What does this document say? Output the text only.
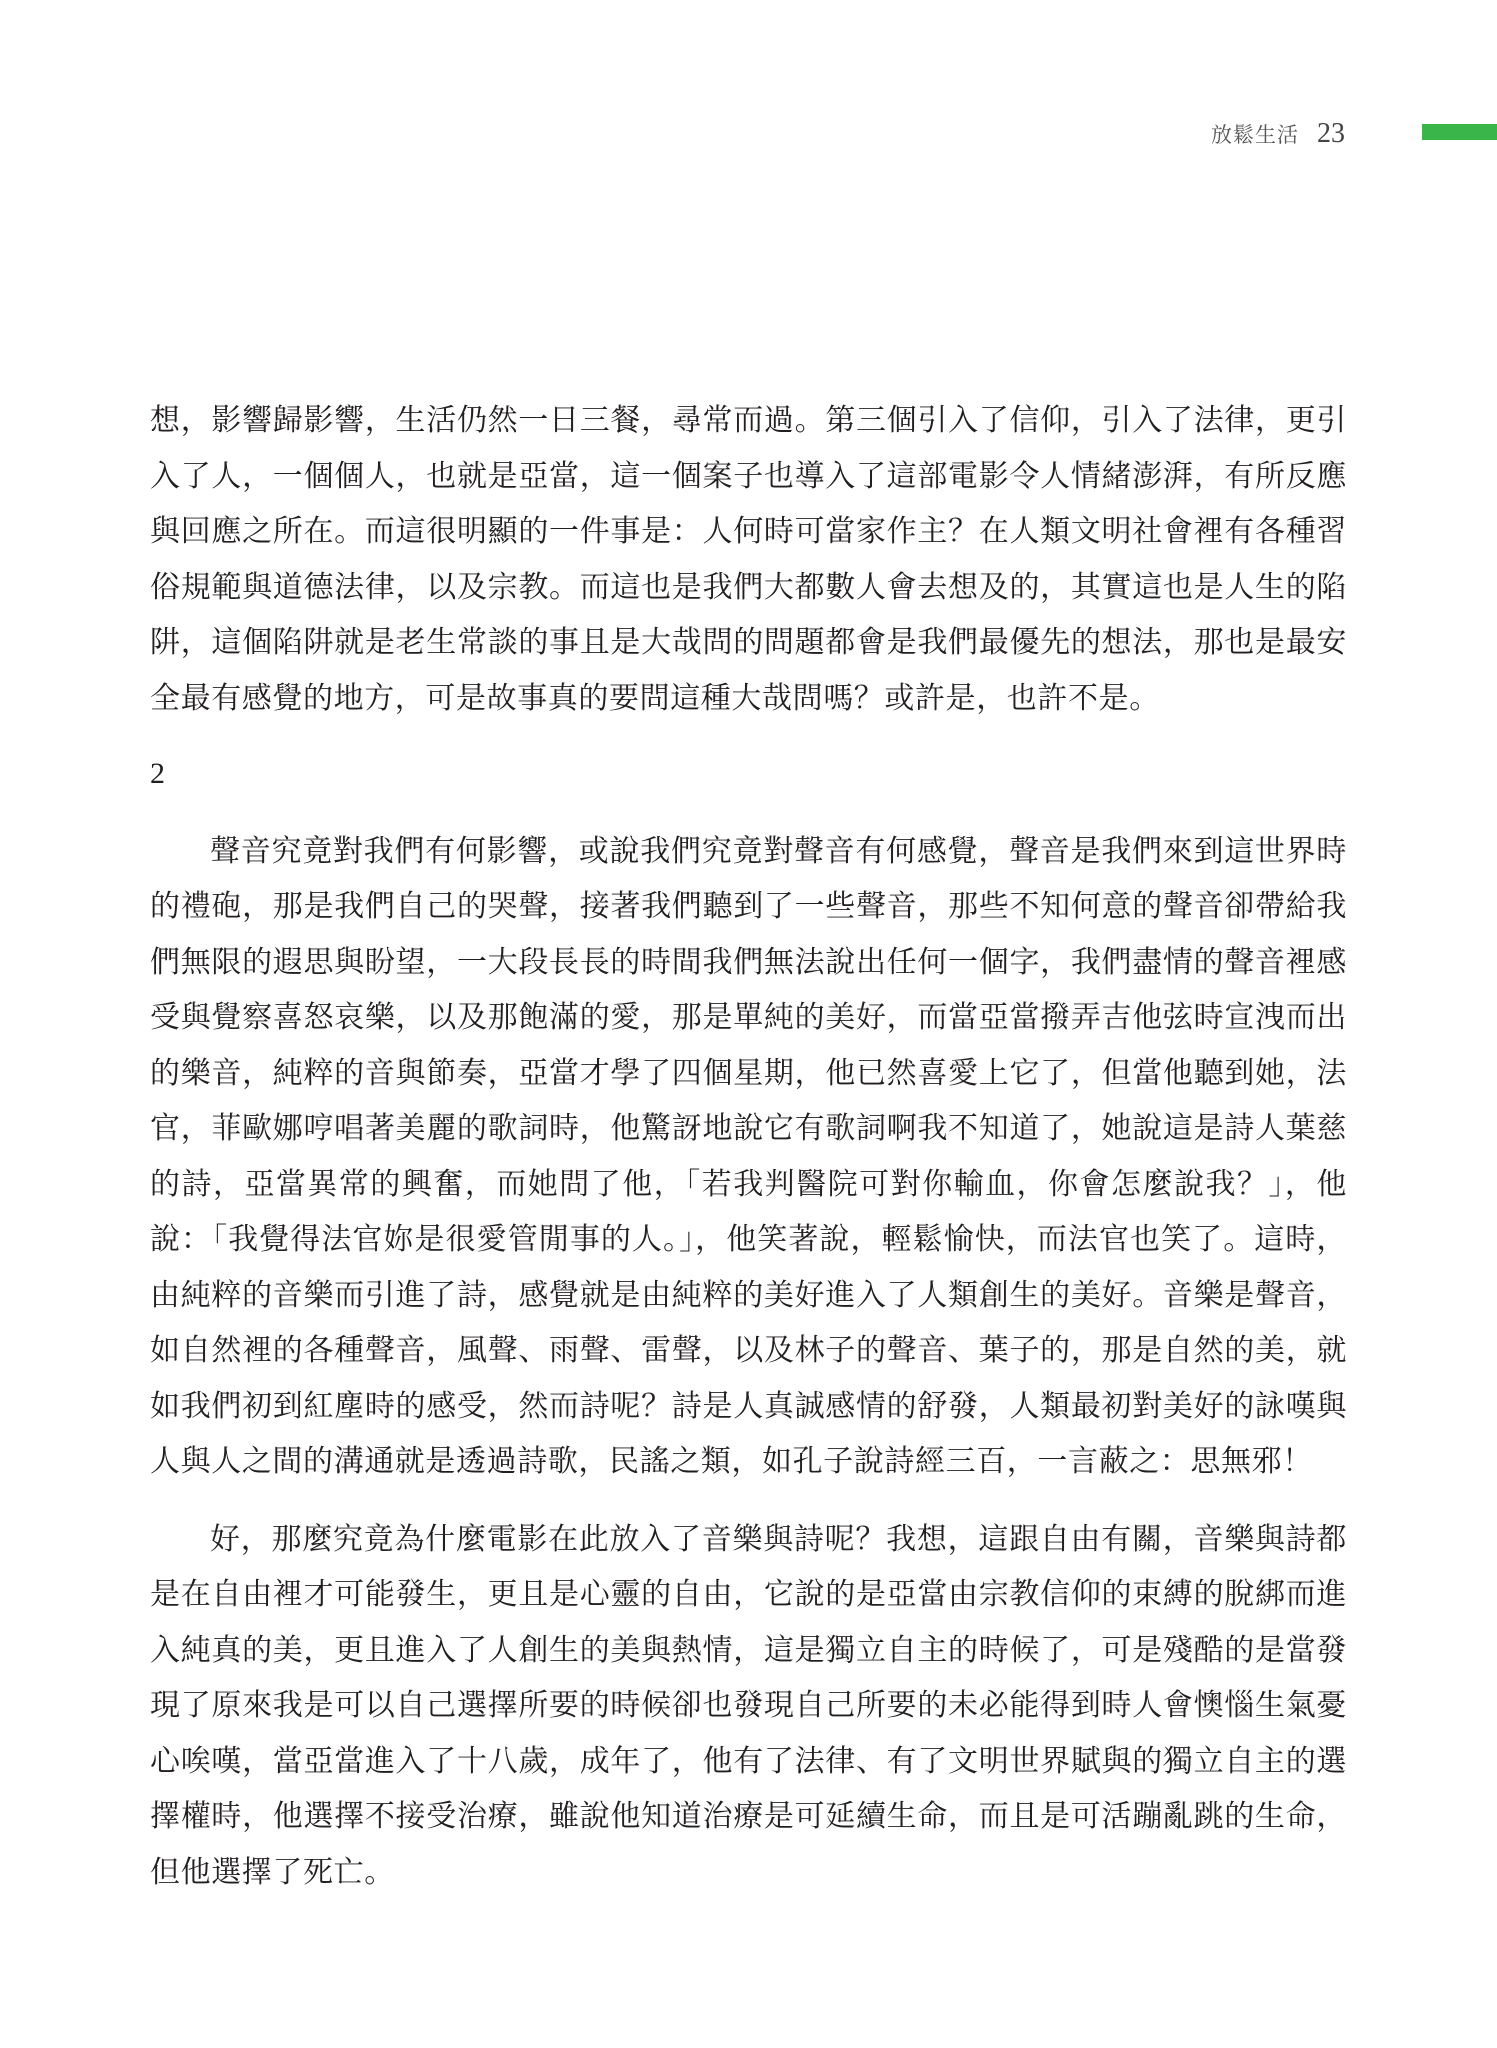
放鬆生活 23

想，影響歸影響，生活仍然一日三餐，尋常而過。第三個引入了信仰，引入了法律，更引入了人，一個個人，也就是亞當，這一個案子也導入了這部電影令人情緒澎湃，有所反應與回應之所在。而這很明顯的一件事是：人何時可當家作主？在人類文明社會裡有各種習俗規範與道德法律，以及宗教。而這也是我們大都數人會去想及的，其實這也是人生的陷阱，這個陷阱就是老生常談的事且是大哉問的問題都會是我們最優先的想法，那也是最安全最有感覺的地方，可是故事真的要問這種大哉問嗎？或許是，也許不是。

2

聲音究竟對我們有何影響，或說我們究竟對聲音有何感覺，聲音是我們來到這世界時的禮砲，那是我們自己的哭聲，接著我們聽到了一些聲音，那些不知何意的聲音卻帶給我們無限的遐思與盼望，一大段長長的時間我們無法說出任何一個字，我們盡情的聲音裡感受與覺察喜怒哀樂，以及那飽滿的愛，那是單純的美好，而當亞當撥弄吉他弦時宣洩而出的樂音，純粹的音與節奏，亞當才學了四個星期，他已然喜愛上它了，但當他聽到她，法官，菲歐娜哼唱著美麗的歌詞時，他驚訝地說它有歌詞啊我不知道了，她說這是詩人葉慈的詩，亞當異常的興奮，而她問了他，「若我判醫院可對你輸血，你會怎麼說我？」，他說：「我覺得法官妳是很愛管閒事的人。」，他笑著說，輕鬆愉快，而法官也笑了。這時，由純粹的音樂而引進了詩，感覺就是由純粹的美好進入了人類創生的美好。音樂是聲音，如自然裡的各種聲音，風聲、雨聲、雷聲，以及林子的聲音、葉子的，那是自然的美，就如我們初到紅塵時的感受，然而詩呢？詩是人真誠感情的舒發，人類最初對美好的詠嘆與人與人之間的溝通就是透過詩歌，民謠之類，如孔子說詩經三百，一言蔽之：思無邪！

好，那麼究竟為什麼電影在此放入了音樂與詩呢？我想，這跟自由有關，音樂與詩都是在自由裡才可能發生，更且是心靈的自由，它說的是亞當由宗教信仰的束縛的脫綁而進入純真的美，更且進入了人創生的美與熱情，這是獨立自主的時候了，可是殘酷的是當發現了原來我是可以自己選擇所要的時候卻也發現自己所要的未必能得到時人會懊惱生氣憂心唉嘆，當亞當進入了十八歲，成年了，他有了法律、有了文明世界賦與的獨立自主的選擇權時，他選擇不接受治療，雖說他知道治療是可延續生命，而且是可活蹦亂跳的生命，但他選擇了死亡。
